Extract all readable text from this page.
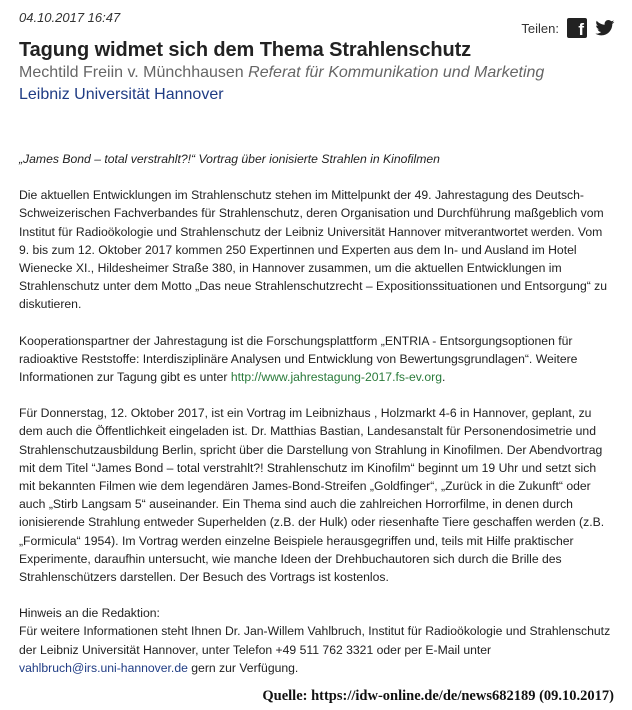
04.10.2017 16:47
Teilen: f
Tagung widmet sich dem Thema Strahlenschutz
Mechtild Freiin v. Münchhausen Referat für Kommunikation und Marketing
Leibniz Universität Hannover

„James Bond – total verstrahlt?!“ Vortrag über ionisierte Strahlen in Kinofilmen

Die aktuellen Entwicklungen im Strahlenschutz stehen im Mittelpunkt der 49. Jahrestagung des Deutsch-Schweizerischen Fachverbandes für Strahlenschutz, deren Organisation und Durchführung maßgeblich vom Institut für Radioökologie und Strahlenschutz der Leibniz Universität Hannover mitverantwortet werden. Vom 9. bis zum 12. Oktober 2017 kommen 250 Expertinnen und Experten aus dem In- und Ausland im Hotel Wienecke XI., Hildesheimer Straße 380, in Hannover zusammen, um die aktuellen Entwicklungen im Strahlenschutz unter dem Motto „Das neue Strahlenschutzrecht – Expositionssituationen und Entsorgung“ zu diskutieren.

Kooperationspartner der Jahrestagung ist die Forschungsplattform „ENTRIA - Entsorgungsoptionen für radioaktive Reststoffe: Interdisziplinäre Analysen und Entwicklung von Bewertungsgrundlagen“. Weitere Informationen zur Tagung gibt es unter http://www.jahrestagung-2017.fs-ev.org.

Für Donnerstag, 12. Oktober 2017, ist ein Vortrag im Leibnizhaus , Holzmarkt 4-6 in Hannover, geplant, zu dem auch die Öffentlichkeit eingeladen ist. Dr. Matthias Bastian, Landesanstalt für Personendosimetrie und Strahlenschutzausbildung Berlin, spricht über die Darstellung von Strahlung in Kinofilmen. Der Abendvortrag mit dem Titel “James Bond – total verstrahlt?! Strahlenschutz im Kinofilm“ beginnt um 19 Uhr und setzt sich mit bekannten Filmen wie dem legendären James-Bond-Streifen „Goldfinger“, „Zurück in die Zukunft“ oder auch „Stirb Langsam 5“ auseinander. Ein Thema sind auch die zahlreichen Horrorfilme, in denen durch ionisierende Strahlung entweder Superhelden (z.B. der Hulk) oder riesenhafte Tiere geschaffen werden (z.B. „Formicula“ 1954). Im Vortrag werden einzelne Beispiele herausgegriffen und, teils mit Hilfe praktischer Experimente, daraufhin untersucht, wie manche Ideen der Drehbuchautoren sich durch die Brille des Strahlenschützers darstellen. Der Besuch des Vortrags ist kostenlos.

Hinweis an die Redaktion:
Für weitere Informationen steht Ihnen Dr. Jan-Willem Vahlbruch, Institut für Radioökologie und Strahlenschutz der Leibniz Universität Hannover, unter Telefon +49 511 762 3321 oder per E-Mail unter
vahlbruch@irs.uni-hannover.de gern zur Verfügung.

Quelle: https://idw-online.de/de/news682189 (09.10.2017)
